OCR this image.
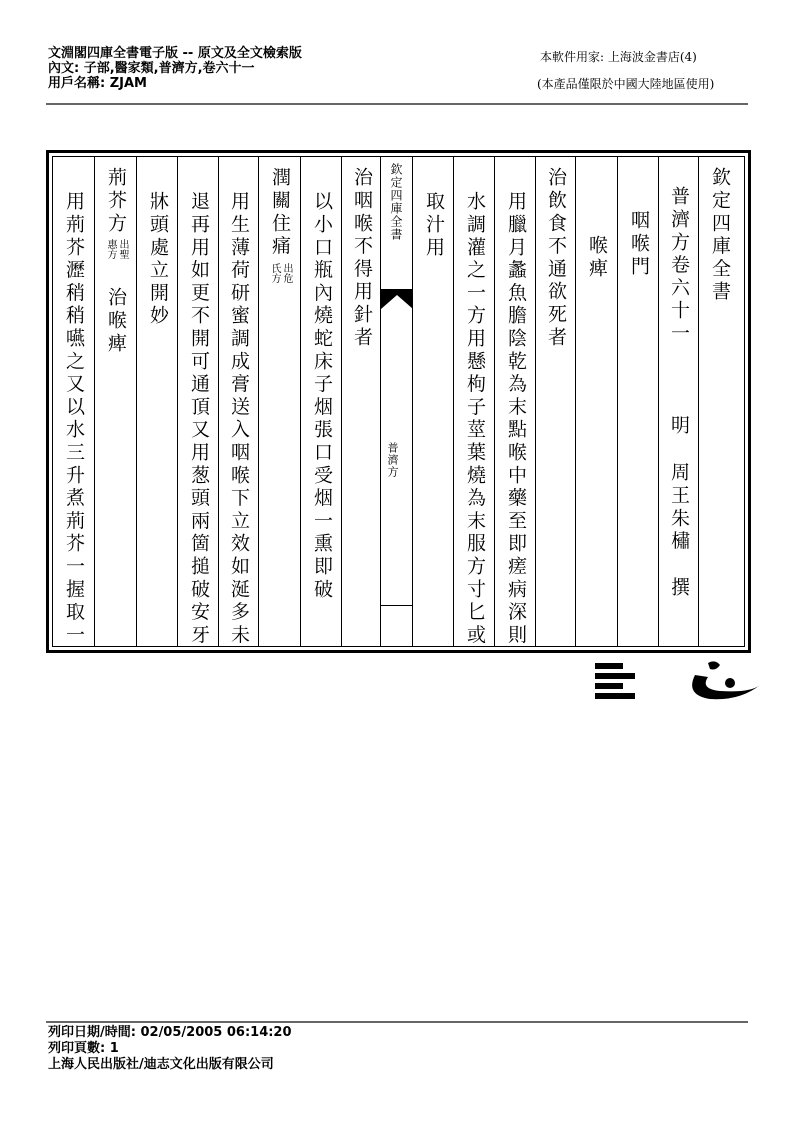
文淵閣四庫全書電子版 -- 原文及全文檢索版
內文: 子部,醫家類,普濟方,卷六十一
用戶名稱: ZJAM
本軟件用家: 上海波金書店(4)
(本產品僅限於中國大陸地區使用)
欽定四庫全書
普濟方卷六十一
明
周王朱橚
撰
咽喉門
喉痺
治飲食不通欲死者
用臘月蠡魚膽陰乾為末點喉中藥至即瘥病深則
水調灌之一方用懸枸子莖葉燒為末服方寸匕或
取汁用
欽定四庫全書
普濟方
治咽喉不得用針者
以小口瓶內燒蛇床子烟張口受烟一熏即破
潤關住痛
出危氏方
用生薄荷研蜜調成膏送入咽喉下立效如涎多未
退再用如更不開可通頂又用葱頭兩箇搥破安牙
牀頭處立開妙
荊芥方
出聖惠方
治喉痺
用荊芥瀝稍稍嚥之又以水三升煮荊芥一握取一
列印日期/時間: 02/05/2005 06:14:20
列印頁數: 1
上海人民出版社/迪志文化出版有限公司
